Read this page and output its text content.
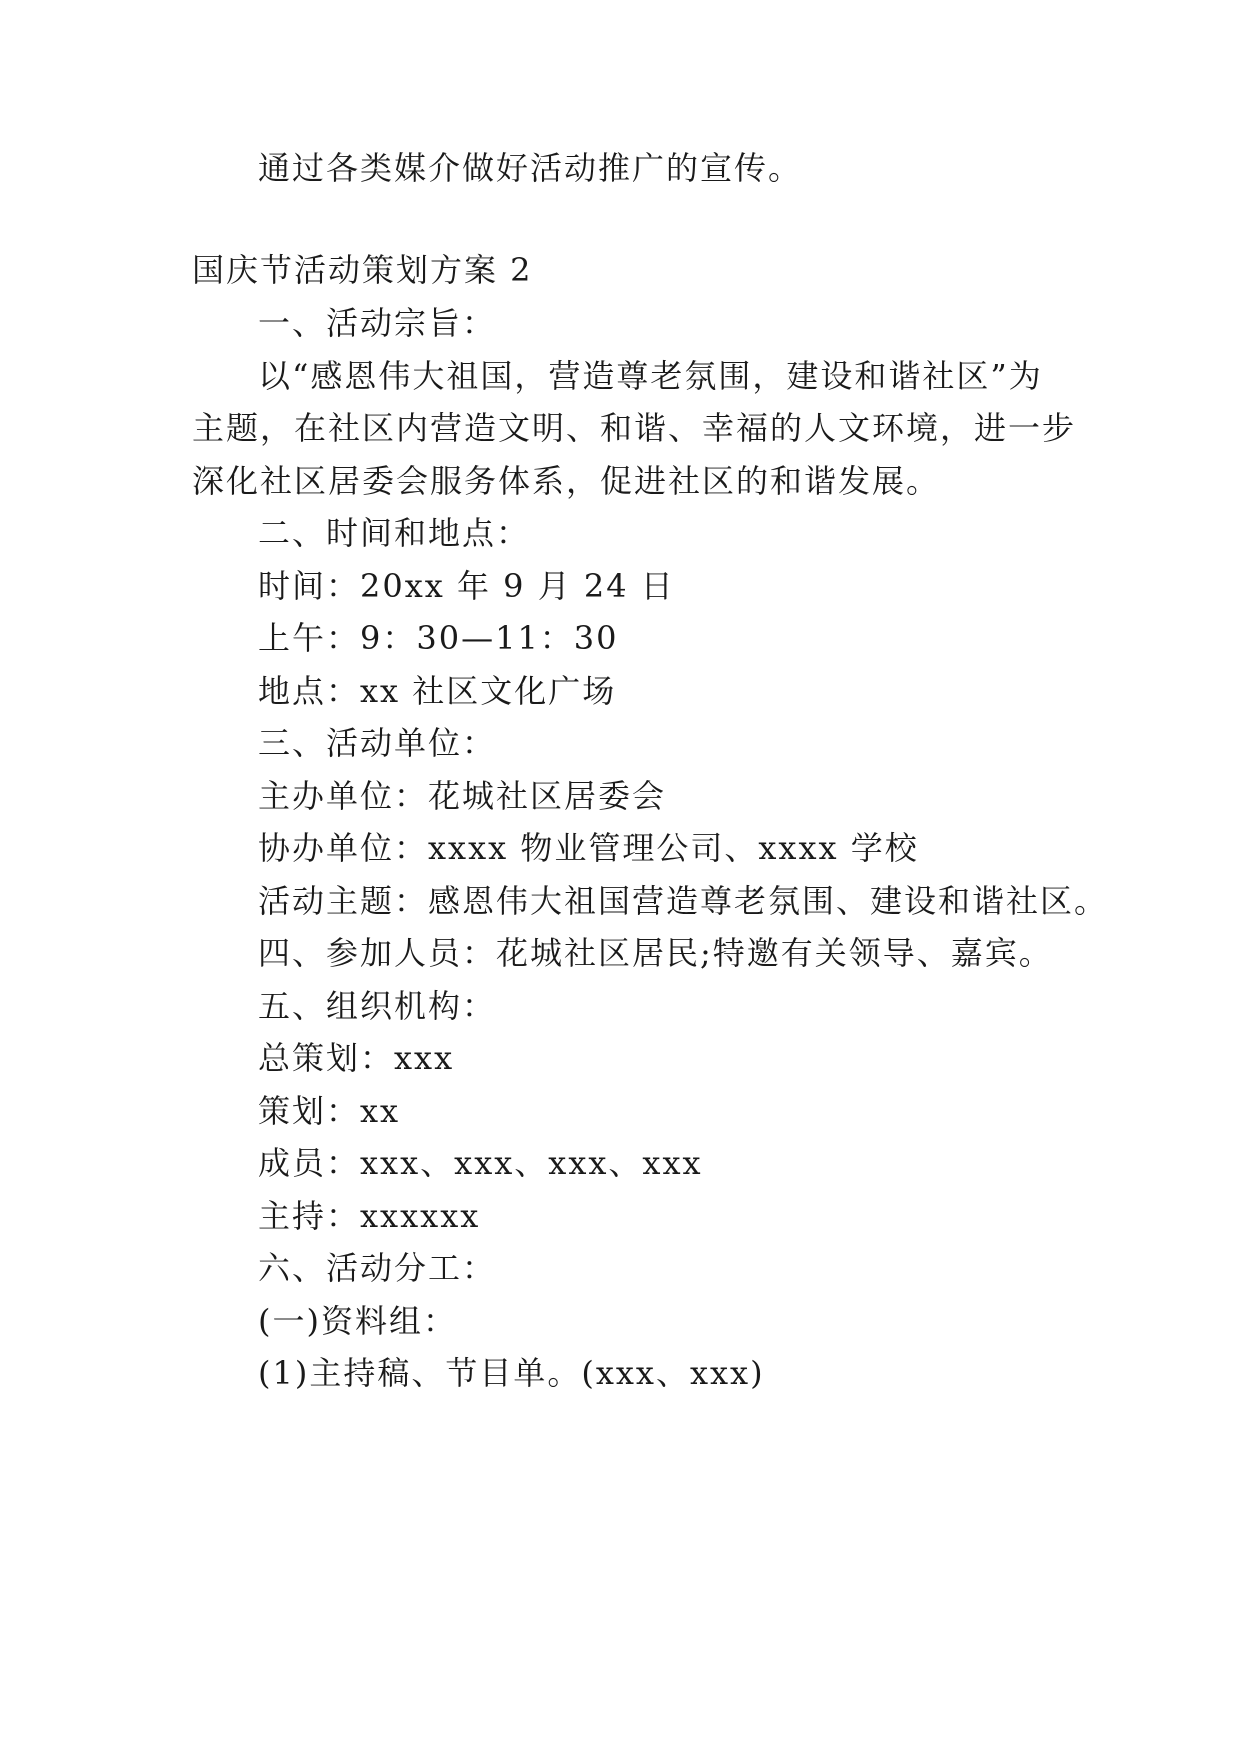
通过各类媒介做好活动推广的宣传。
国庆节活动策划方案 2
一、活动宗旨：
以“感恩伟大祖国，营造尊老氛围，建设和谐社区”为
主题，在社区内营造文明、和谐、幸福的人文环境，进一步
深化社区居委会服务体系，促进社区的和谐发展。
二、时间和地点：
时间：20xx 年 9 月 24 日
上午：9：30—11：30
地点：xx 社区文化广场
三、活动单位：
主办单位：花城社区居委会
协办单位：xxxx 物业管理公司、xxxx 学校
活动主题：感恩伟大祖国营造尊老氛围、建设和谐社区。
四、参加人员：花城社区居民;特邀有关领导、嘉宾。
五、组织机构：
总策划：xxx
策划：xx
成员：xxx、xxx、xxx、xxx
主持：xxxxxx
六、活动分工：
(一)资料组：
(1)主持稿、节目单。(xxx、xxx)
